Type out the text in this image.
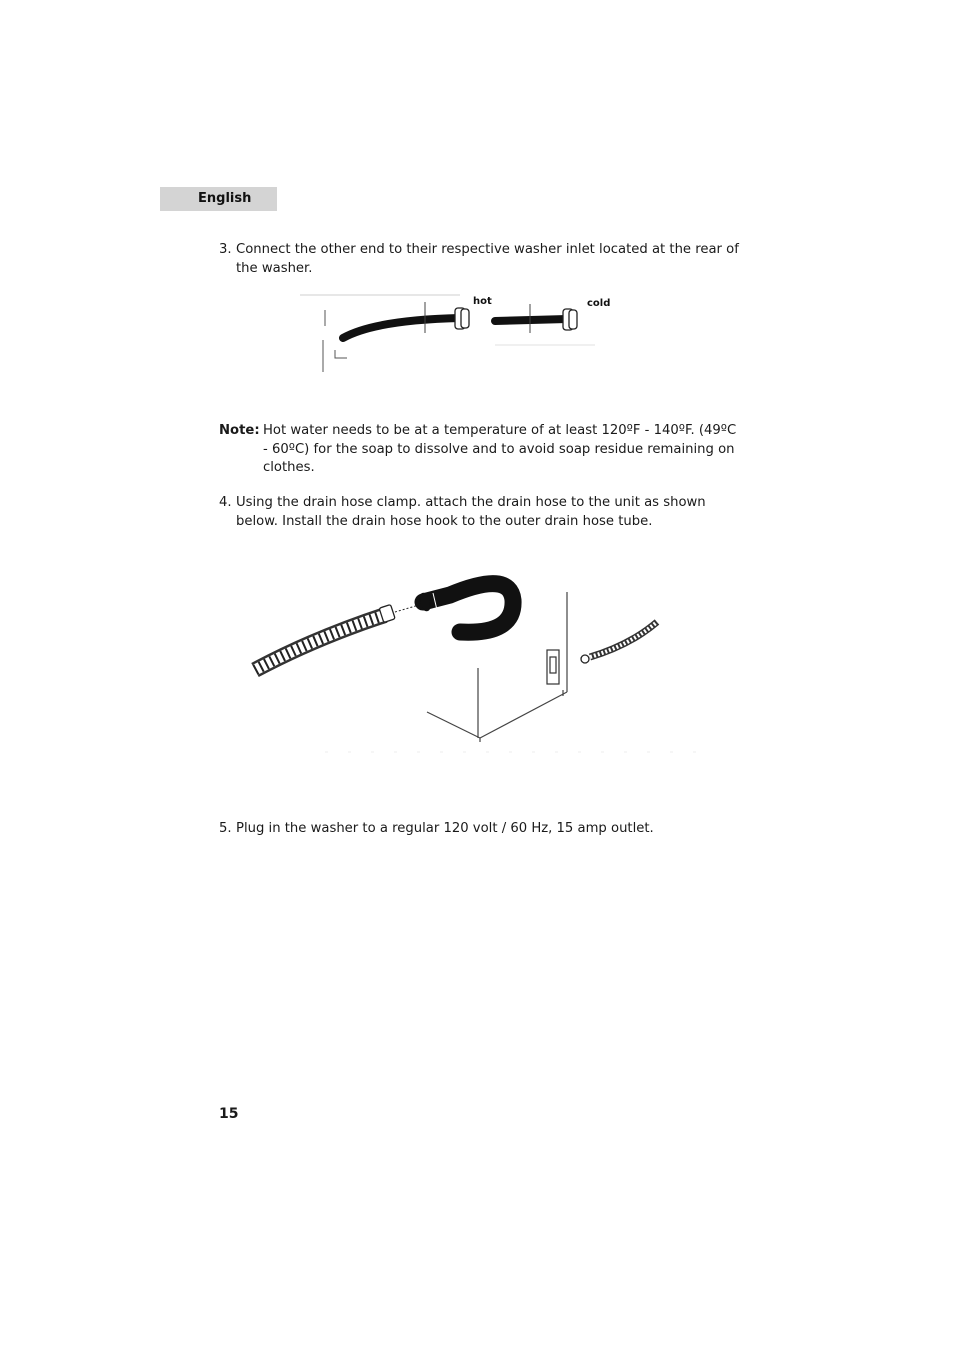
English
3. Connect the other end to their respective washer inlet located at the rear of the washer.
hot	cold
Note: Hot water needs to be at a temperature of at least 120ºF - 140ºF. (49ºC - 60ºC) for the soap to dissolve and to avoid soap residue remaining on clothes.
4. Using the drain hose clamp. attach the drain hose to the unit as shown below. Install the drain hose hook to the outer drain hose tube.
5. Plug in the washer to a regular 120 volt / 60 Hz, 15 amp outlet.
15
